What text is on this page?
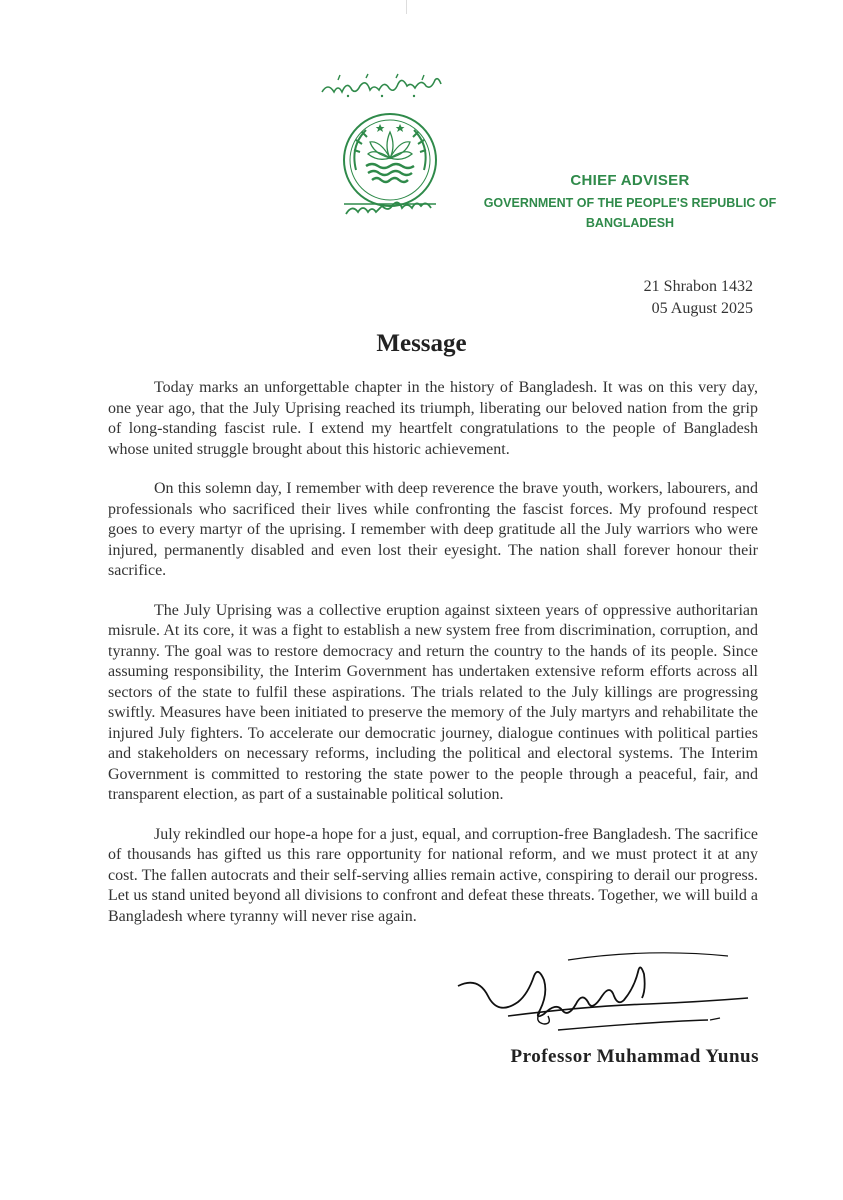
CHIEF ADVISER
GOVERNMENT OF THE PEOPLE'S REPUBLIC OF BANGLADESH
21 Shrabon 1432
05 August 2025
Message

Today marks an unforgettable chapter in the history of Bangladesh. It was on this very day, one year ago, that the July Uprising reached its triumph, liberating our beloved nation from the grip of long-standing fascist rule. I extend my heartfelt congratulations to the people of Bangladesh whose united struggle brought about this historic achievement.

On this solemn day, I remember with deep reverence the brave youth, workers, labourers, and professionals who sacrificed their lives while confronting the fascist forces. My profound respect goes to every martyr of the uprising. I remember with deep gratitude all the July warriors who were injured, permanently disabled and even lost their eyesight. The nation shall forever honour their sacrifice.

The July Uprising was a collective eruption against sixteen years of oppressive authoritarian misrule. At its core, it was a fight to establish a new system free from discrimination, corruption, and tyranny. The goal was to restore democracy and return the country to the hands of its people. Since assuming responsibility, the Interim Government has undertaken extensive reform efforts across all sectors of the state to fulfil these aspirations. The trials related to the July killings are progressing swiftly. Measures have been initiated to preserve the memory of the July martyrs and rehabilitate the injured July fighters. To accelerate our democratic journey, dialogue continues with political parties and stakeholders on necessary reforms, including the political and electoral systems. The Interim Government is committed to restoring the state power to the people through a peaceful, fair, and transparent election, as part of a sustainable political solution.

July rekindled our hope-a hope for a just, equal, and corruption-free Bangladesh. The sacrifice of thousands has gifted us this rare opportunity for national reform, and we must protect it at any cost. The fallen autocrats and their self-serving allies remain active, conspiring to derail our progress. Let us stand united beyond all divisions to confront and defeat these threats. Together, we will build a Bangladesh where tyranny will never rise again.

Professor Muhammad Yunus
